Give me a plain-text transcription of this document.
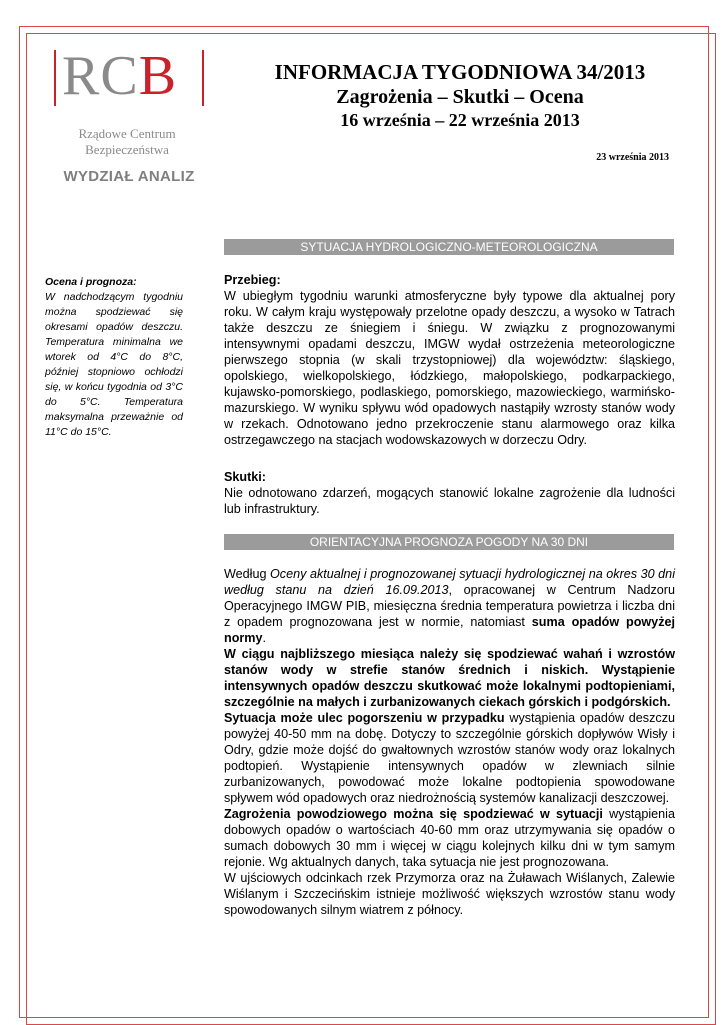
RCB
Rządowe Centrum
Bezpieczeństwa
WYDZIAŁ ANALIZ
INFORMACJA TYGODNIOWA 34/2013
Zagrożenia – Skutki – Ocena
16 września – 22 września 2013
23 września 2013
SYTUACJA HYDROLOGICZNO-METEOROLOGICZNA
Ocena i prognoza:
W nadchodzącym tygodniu można spodziewać się okresami opadów deszczu. Temperatura minimalna we wtorek od 4°C do 8°C, później stopniowo ochłodzi się, w końcu tygodnia od 3°C do 5°C. Temperatura maksymalna przeważnie od 11°C do 15°C.

Przebieg:

W ubiegłym tygodniu warunki atmosferyczne były typowe dla aktualnej pory roku. W całym kraju występowały przelotne opady deszczu, a wysoko w Tatrach także deszczu ze śniegiem i śniegu. W związku z prognozowanymi intensywnymi opadami deszczu, IMGW wydał ostrzeżenia meteorologiczne pierwszego stopnia (w skali trzystopniowej) dla województw: śląskiego, opolskiego, wielkopolskiego, łódzkiego, małopolskiego, podkarpackiego, kujawsko-pomorskiego, podlaskiego, pomorskiego, mazowieckiego, warmińsko-mazurskiego. W wyniku spływu wód opadowych nastąpiły wzrosty stanów wody w rzekach. Odnotowano jedno przekroczenie stanu alarmowego oraz kilka ostrzegawczego na stacjach wodowskazowych w dorzeczu Odry.

Skutki:

Nie odnotowano zdarzeń, mogących stanowić lokalne zagrożenie dla ludności lub infrastruktury.

ORIENTACYJNA PROGNOZA POGODY NA 30 DNI

Według Oceny aktualnej i prognozowanej sytuacji hydrologicznej na okres 30 dni według stanu na dzień 16.09.2013, opracowanej w Centrum Nadzoru Operacyjnego IMGW PIB, miesięczna średnia temperatura powietrza i liczba dni z opadem prognozowana jest w normie, natomiast suma opadów powyżej normy.

W ciągu najbliższego miesiąca należy się spodziewać wahań i wzrostów stanów wody w strefie stanów średnich i niskich. Wystąpienie intensywnych opadów deszczu skutkować może lokalnymi podtopieniami, szczególnie na małych i zurbanizowanych ciekach górskich i podgórskich.

Sytuacja może ulec pogorszeniu w przypadku wystąpienia opadów deszczu powyżej 40-50 mm na dobę. Dotyczy to szczególnie górskich dopływów Wisły i Odry, gdzie może dojść do gwałtownych wzrostów stanów wody oraz lokalnych podtopień. Wystąpienie intensywnych opadów w zlewniach silnie zurbanizowanych, powodować może lokalne podtopienia spowodowane spływem wód opadowych oraz niedrożnością systemów kanalizacji deszczowej.

Zagrożenia powodziowego można się spodziewać w sytuacji wystąpienia dobowych opadów o wartościach 40-60 mm oraz utrzymywania się opadów o sumach dobowych 30 mm i więcej w ciągu kolejnych kilku dni w tym samym rejonie. Wg aktualnych danych, taka sytuacja nie jest prognozowana.

W ujściowych odcinkach rzek Przymorza oraz na Żuławach Wiślanych, Zalewie Wiślanym i Szczecińskim istnieje możliwość większych wzrostów stanu wody spowodowanych silnym wiatrem z północy.
